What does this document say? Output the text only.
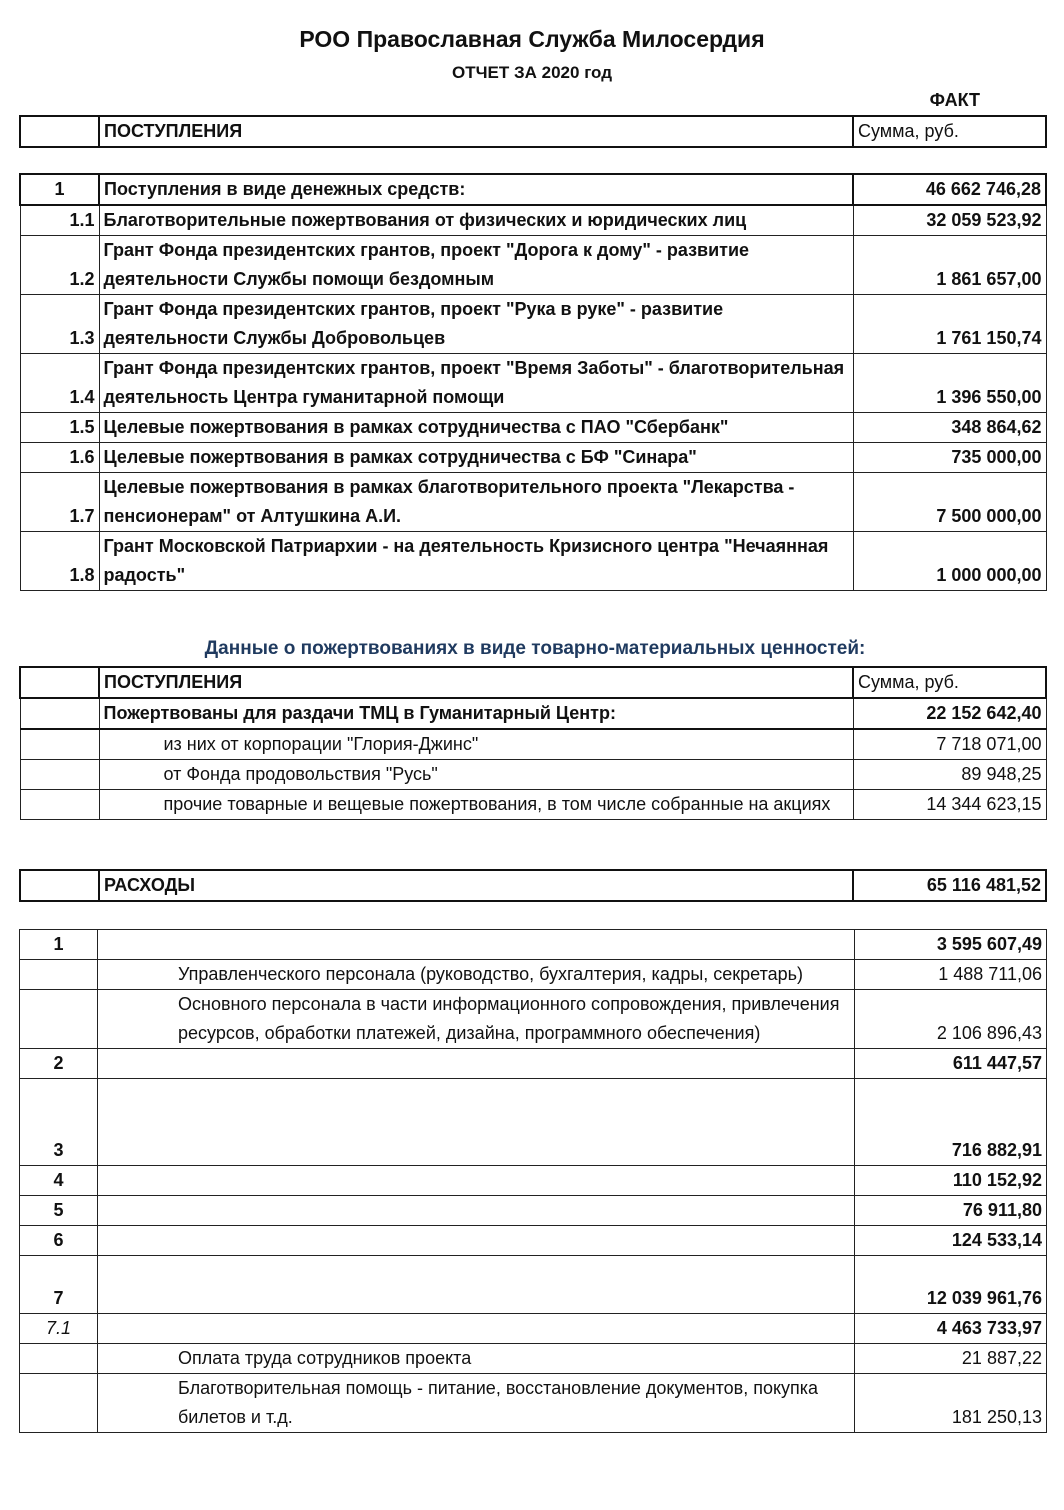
РОО Православная Служба Милосердия
ОТЧЕТ ЗА 2020 год
ФАКТ
	ПОСТУПЛЕНИЯ	Сумма, руб.
1	Поступления в виде денежных средств:	46 662 746,28
1.1	Благотворительные пожертвования от физических и юридических лиц	32 059 523,92
1.2	Грант Фонда президентских грантов, проект "Дорога к дому" - развитие деятельности Службы помощи бездомным	1 861 657,00
1.3	Грант Фонда президентских грантов, проект "Рука в руке" - развитие деятельности Службы Добровольцев	1 761 150,74
1.4	Грант Фонда президентских грантов, проект "Время Заботы" - благотворительная деятельность Центра гуманитарной помощи	1 396 550,00
1.5	Целевые пожертвования в рамках сотрудничества с ПАО "Сбербанк"	348 864,62
1.6	Целевые пожертвования в рамках сотрудничества с БФ "Синара"	735 000,00
1.7	Целевые пожертвования в рамках благотворительного проекта "Лекарства - пенсионерам" от Алтушкина А.И.	7 500 000,00
1.8	Грант Московской Патриархии - на деятельность Кризисного центра "Нечаянная радость"	1 000 000,00
Данные о пожертвованиях в виде товарно-материальных ценностей:
	ПОСТУПЛЕНИЯ	Сумма, руб.
	Пожертвованы для раздачи ТМЦ в Гуманитарный Центр:	22 152 642,40
	из них от корпорации "Глория-Джинс"	7 718 071,00
	от Фонда продовольствия "Русь"	89 948,25
	прочие товарные и вещевые пожертвования, в том числе собранные на акциях	14 344 623,15
	РАСХОДЫ	65 116 481,52
1		3 595 607,49
	Управленческого персонала (руководство, бухгалтерия, кадры, секретарь)	1 488 711,06
	Основного персонала в части информационного сопровождения, привлечения ресурсов, обработки платежей, дизайна, программного обеспечения)	2 106 896,43
2		611 447,57
3		716 882,91
4		110 152,92
5		76 911,80
6		124 533,14
7		12 039 961,76
7.1		4 463 733,97
	Оплата труда сотрудников проекта	21 887,22
	Благотворительная помощь - питание, восстановление документов, покупка билетов и т.д.	181 250,13
